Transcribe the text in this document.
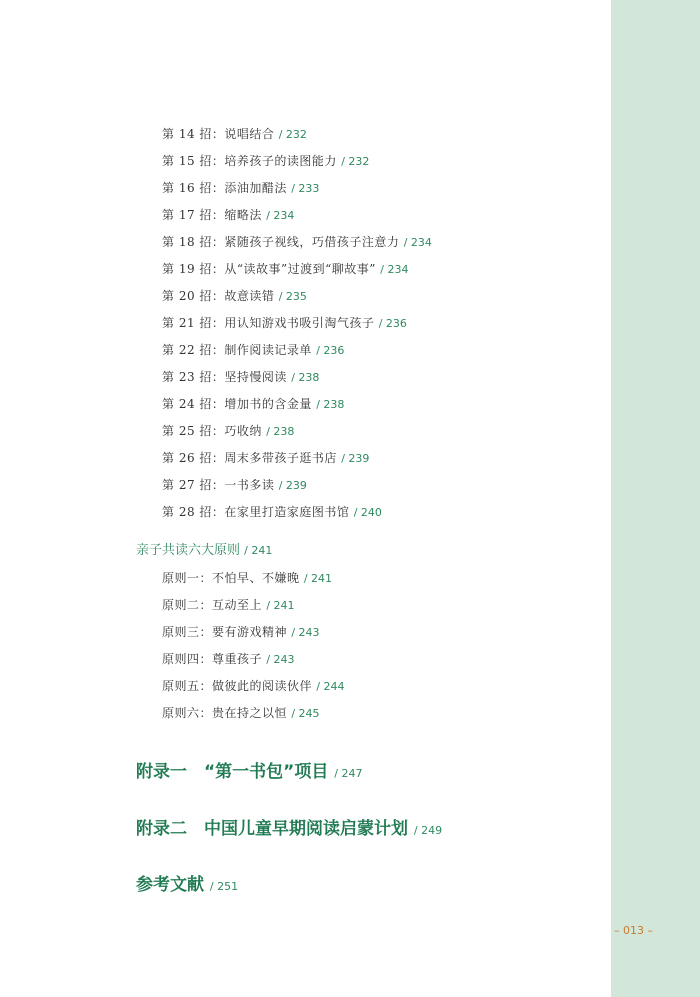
第 14 招：说唱结合 / 232
第 15 招：培养孩子的读图能力 / 232
第 16 招：添油加醋法 / 233
第 17 招：缩略法 / 234
第 18 招：紧随孩子视线，巧借孩子注意力 / 234
第 19 招：从“读故事”过渡到“聊故事” / 234
第 20 招：故意读错 / 235
第 21 招：用认知游戏书吸引淘气孩子 / 236
第 22 招：制作阅读记录单 / 236
第 23 招：坚持慢阅读 / 238
第 24 招：增加书的含金量 / 238
第 25 招：巧收纳 / 238
第 26 招：周末多带孩子逛书店 / 239
第 27 招：一书多读 / 239
第 28 招：在家里打造家庭图书馆 / 240
亲子共读六大原则 / 241
原则一：不怕早、不嫌晚 / 241
原则二：互动至上 / 241
原则三：要有游戏精神 / 243
原则四：尊重孩子 / 243
原则五：做彼此的阅读伙伴 / 244
原则六：贵在持之以恒 / 245
附录一　“第一书包”项目 / 247
附录二　中国儿童早期阅读启蒙计划 / 249
参考文献 / 251
– 013 –
